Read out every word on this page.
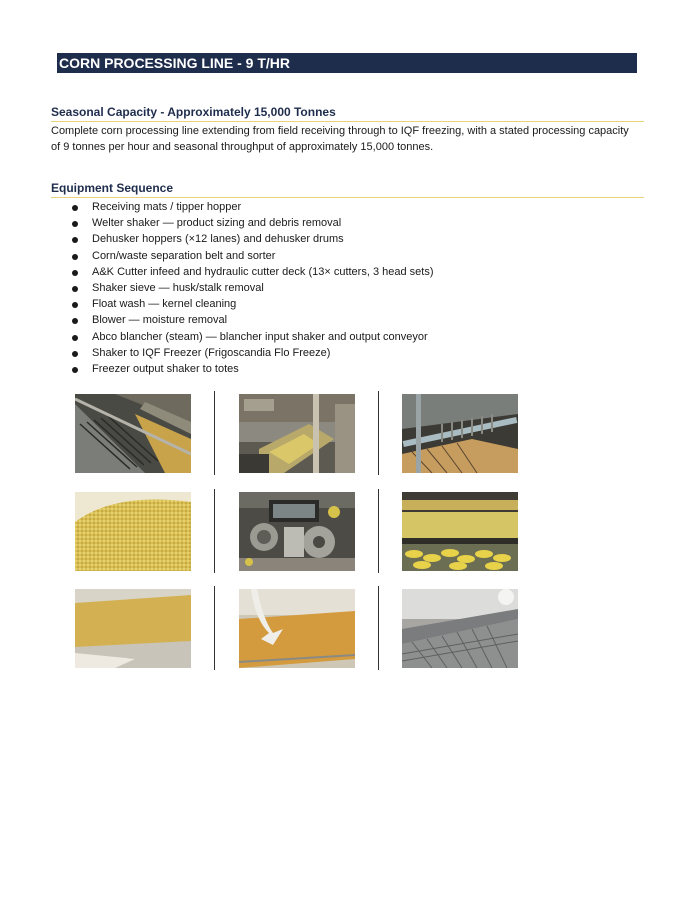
CORN PROCESSING LINE - 9 T/HR
Seasonal Capacity - Approximately 15,000 Tonnes
Complete corn processing line extending from field receiving through to IQF freezing, with a stated processing capacity of 9 tonnes per hour and seasonal throughput of approximately 15,000 tonnes.
Equipment Sequence
Receiving mats / tipper hopper
Welter shaker — product sizing and debris removal
Dehusker hoppers (×12 lanes) and dehusker drums
Corn/waste separation belt and sorter
A&K Cutter infeed and hydraulic cutter deck (13× cutters, 3 head sets)
Shaker sieve — husk/stalk removal
Float wash — kernel cleaning
Blower — moisture removal
Abco blancher (steam) — blancher input shaker and output conveyor
Shaker to IQF Freezer (Frigoscandia Flo Freeze)
Freezer output shaker to totes
